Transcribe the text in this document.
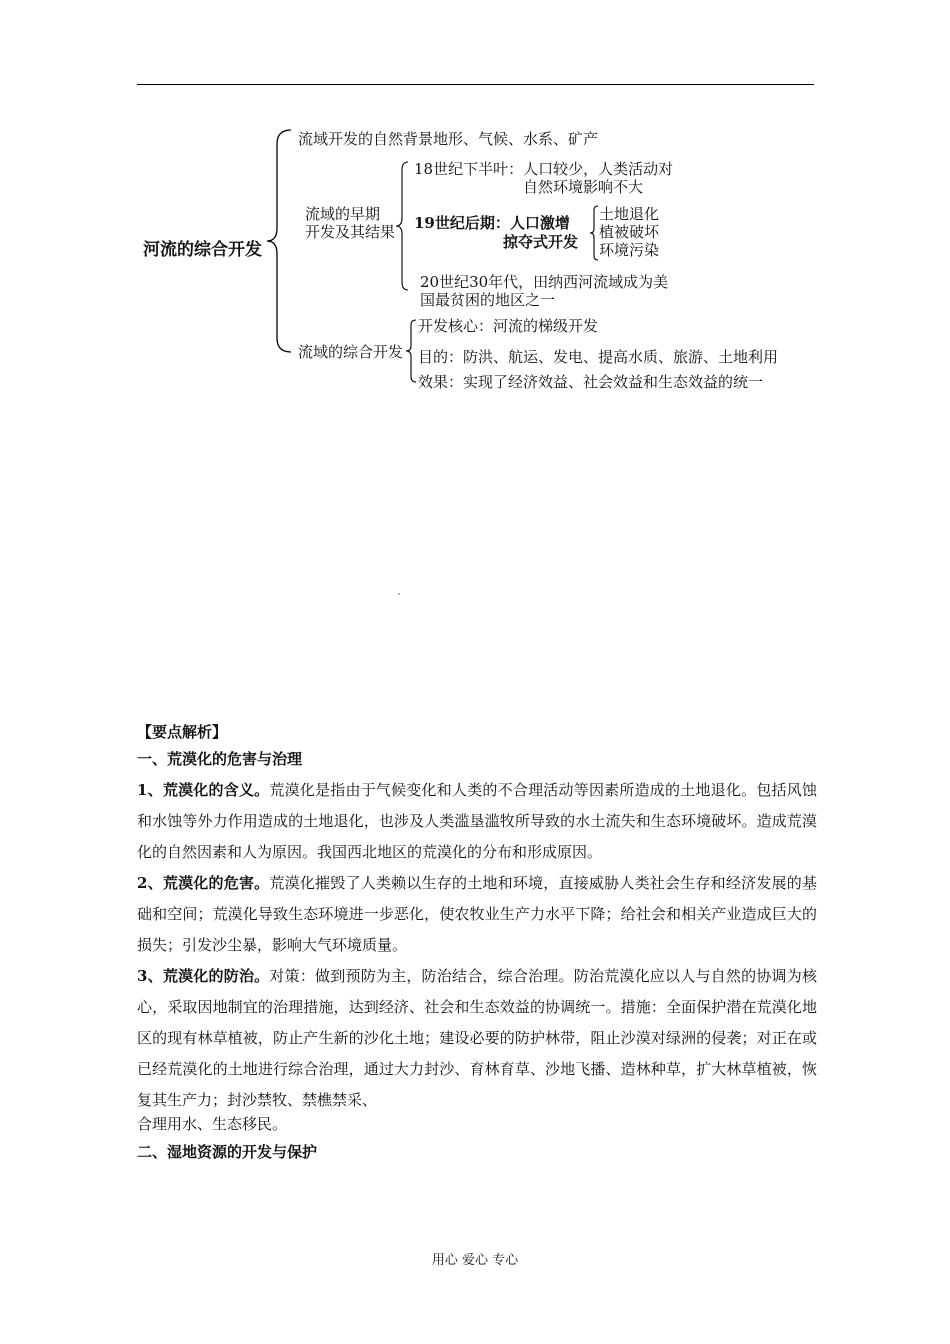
河流的综合开发
流域开发的自然背景地形、气候、水系、矿产
流域的早期
开发及其结果
18世纪下半叶：人口较少，人类活动对
自然环境影响不大
19世纪后期：人口激增
掠夺式开发
土地退化
植被破坏
环境污染
20世纪30年代，田纳西河流域成为美
国最贫困的地区之一
流域的综合开发
开发核心：河流的梯级开发
目的：防洪、航运、发电、提高水质、旅游、土地利用
效果：实现了经济效益、社会效益和生态效益的统一
【要点解析】
一、荒漠化的危害与治理
1、荒漠化的含义。荒漠化是指由于气候变化和人类的不合理活动等因素所造成的土地退化。包括风蚀和水蚀等外力作用造成的土地退化，也涉及人类滥垦滥牧所导致的水土流失和生态环境破坏。造成荒漠化的自然因素和人为原因。我国西北地区的荒漠化的分布和形成原因。
2、荒漠化的危害。荒漠化摧毁了人类赖以生存的土地和环境，直接威胁人类社会生存和经济发展的基础和空间；荒漠化导致生态环境进一步恶化，使农牧业生产力水平下降；给社会和相关产业造成巨大的损失；引发沙尘暴，影响大气环境质量。
3、荒漠化的防治。对策：做到预防为主，防治结合，综合治理。防治荒漠化应以人与自然的协调为核心，采取因地制宜的治理措施，达到经济、社会和生态效益的协调统一。措施：全面保护潜在荒漠化地区的现有林草植被，防止产生新的沙化土地；建设必要的防护林带，阻止沙漠对绿洲的侵袭；对正在或已经荒漠化的土地进行综合治理，通过大力封沙、育林育草、沙地飞播、造林种草，扩大林草植被，恢复其生产力；封沙禁牧、禁樵禁采、
合理用水、生态移民。
二、湿地资源的开发与保护
用心 爱心 专心
